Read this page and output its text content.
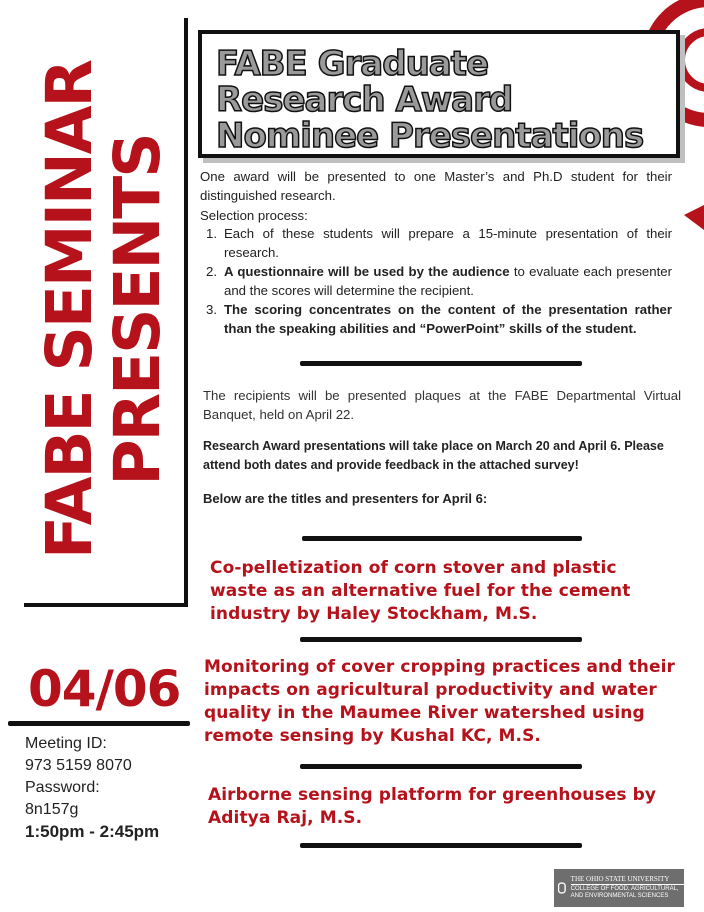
FABE SEMINAR
PRESENTS
FABE Graduate
Research Award
Nominee Presentations
One award will be presented to one Master’s and Ph.D student for their distinguished research.
Selection process:
1. Each of these students will prepare a 15-minute presentation of their research.
2. A questionnaire will be used by the audience to evaluate each presenter and the scores will determine the recipient.
3. The scoring concentrates on the content of the presentation rather than the speaking abilities and “PowerPoint” skills of the student.
The recipients will be presented plaques at the FABE Departmental Virtual Banquet, held on April 22.
Research Award presentations will take place on March 20 and April 6. Please attend both dates and provide feedback in the attached survey!
Below are the titles and presenters for April 6:
Co-pelletization of corn stover and plastic waste as an alternative fuel for the cement industry by Haley Stockham, M.S.
04/06 Monitoring of cover cropping practices and their impacts on agricultural productivity and water quality in the Maumee River watershed using remote sensing by Kushal KC, M.S.
Meeting ID:
973 5159 8070
Password:
8n157g
1:50pm - 2:45pm
Airborne sensing platform for greenhouses by Aditya Raj, M.S.
THE OHIO STATE UNIVERSITY
COLLEGE OF FOOD, AGRICULTURAL, AND ENVIRONMENTAL SCIENCES
